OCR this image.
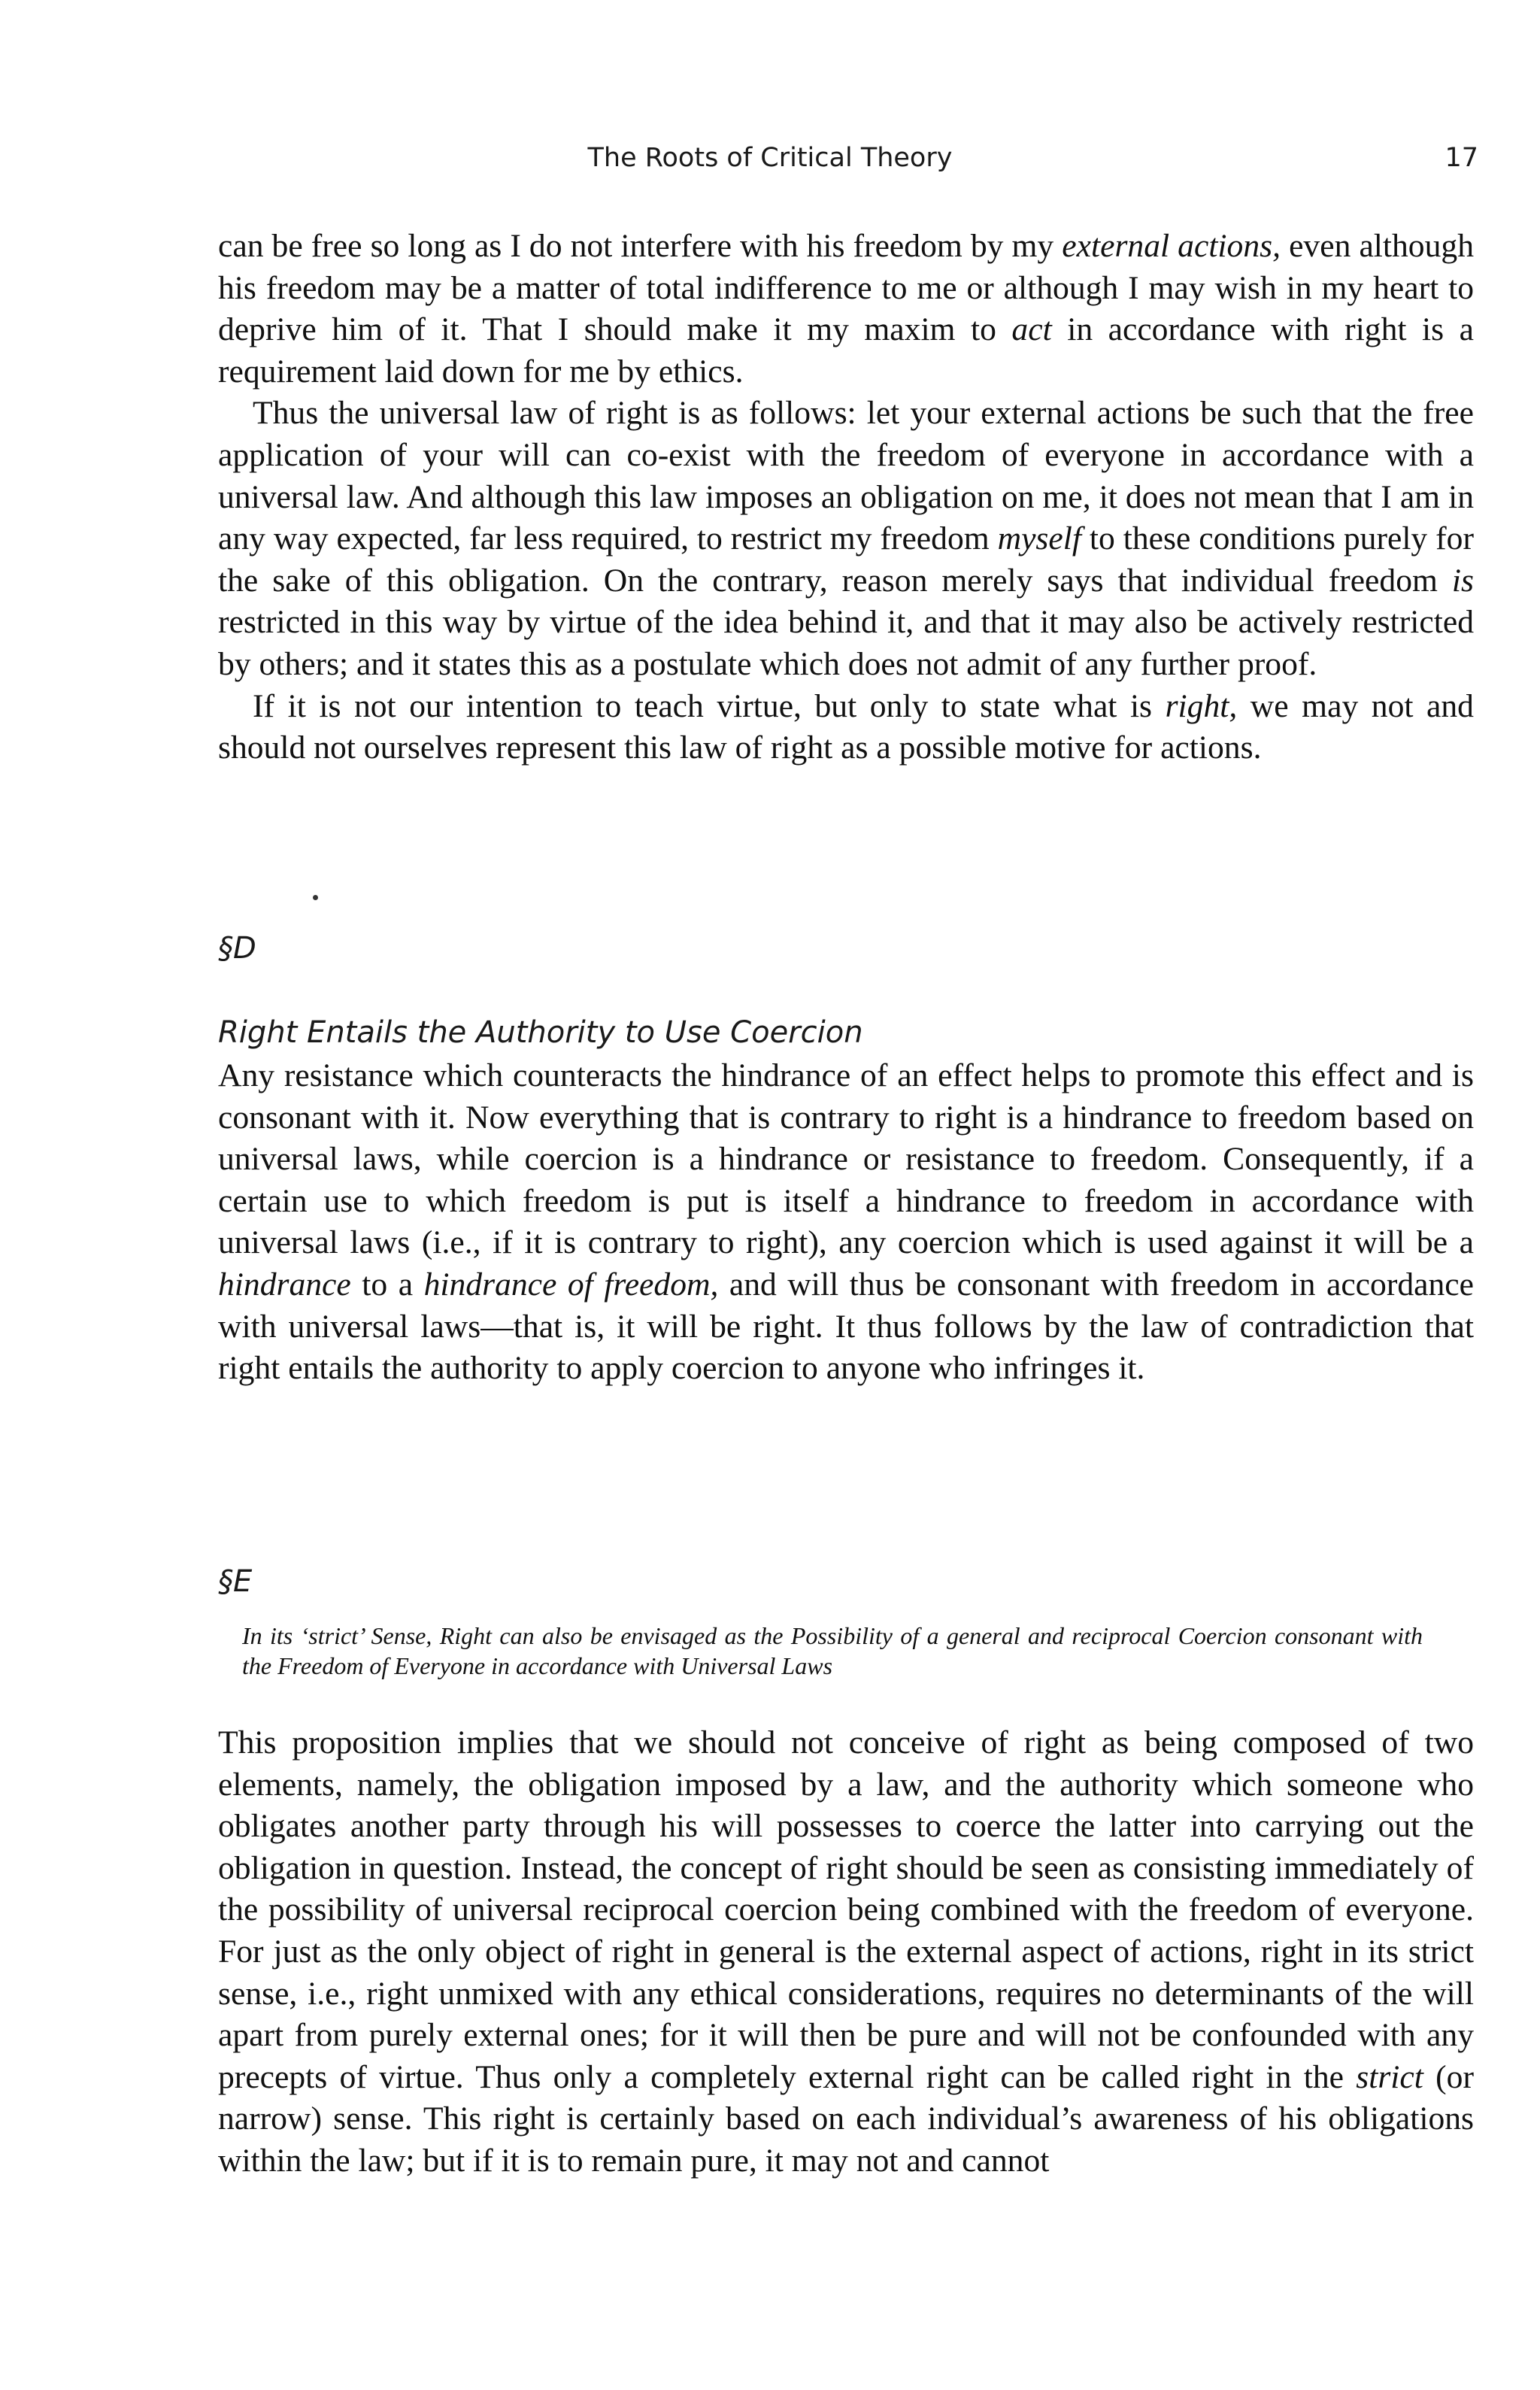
The Roots of Critical Theory	17

can be free so long as I do not interfere with his freedom by my external actions, even although his freedom may be a matter of total indifference to me or although I may wish in my heart to deprive him of it. That I should make it my maxim to act in accordance with right is a requirement laid down for me by ethics.

Thus the universal law of right is as follows: let your external actions be such that the free application of your will can co-exist with the freedom of everyone in accordance with a universal law. And although this law imposes an obligation on me, it does not mean that I am in any way expected, far less required, to restrict my freedom myself to these conditions purely for the sake of this obligation. On the contrary, reason merely says that individual freedom is restricted in this way by virtue of the idea behind it, and that it may also be actively restricted by others; and it states this as a postulate which does not admit of any further proof.

If it is not our intention to teach virtue, but only to state what is right, we may not and should not ourselves represent this law of right as a possible motive for actions.

§D
Right Entails the Authority to Use Coercion

Any resistance which counteracts the hindrance of an effect helps to promote this effect and is consonant with it. Now everything that is contrary to right is a hindrance to freedom based on universal laws, while coercion is a hindrance or resistance to freedom. Consequently, if a certain use to which freedom is put is itself a hindrance to freedom in accordance with universal laws (i.e., if it is contrary to right), any coercion which is used against it will be a hindrance to a hindrance of freedom, and will thus be consonant with freedom in accordance with universal laws—that is, it will be right. It thus follows by the law of contradiction that right entails the authority to apply coercion to anyone who infringes it.

§E

In its ‘strict’ Sense, Right can also be envisaged as the Possibility of a general and reciprocal Coercion consonant with the Freedom of Everyone in accordance with Universal Laws

This proposition implies that we should not conceive of right as being composed of two elements, namely, the obligation imposed by a law, and the authority which someone who obligates another party through his will possesses to coerce the latter into carrying out the obligation in question. Instead, the concept of right should be seen as consisting immediately of the possibility of universal reciprocal coercion being combined with the freedom of everyone. For just as the only object of right in general is the external aspect of actions, right in its strict sense, i.e., right unmixed with any ethical considerations, requires no determinants of the will apart from purely external ones; for it will then be pure and will not be confounded with any precepts of virtue. Thus only a completely external right can be called right in the strict (or narrow) sense. This right is certainly based on each individual’s awareness of his obligations within the law; but if it is to remain pure, it may not and cannot
